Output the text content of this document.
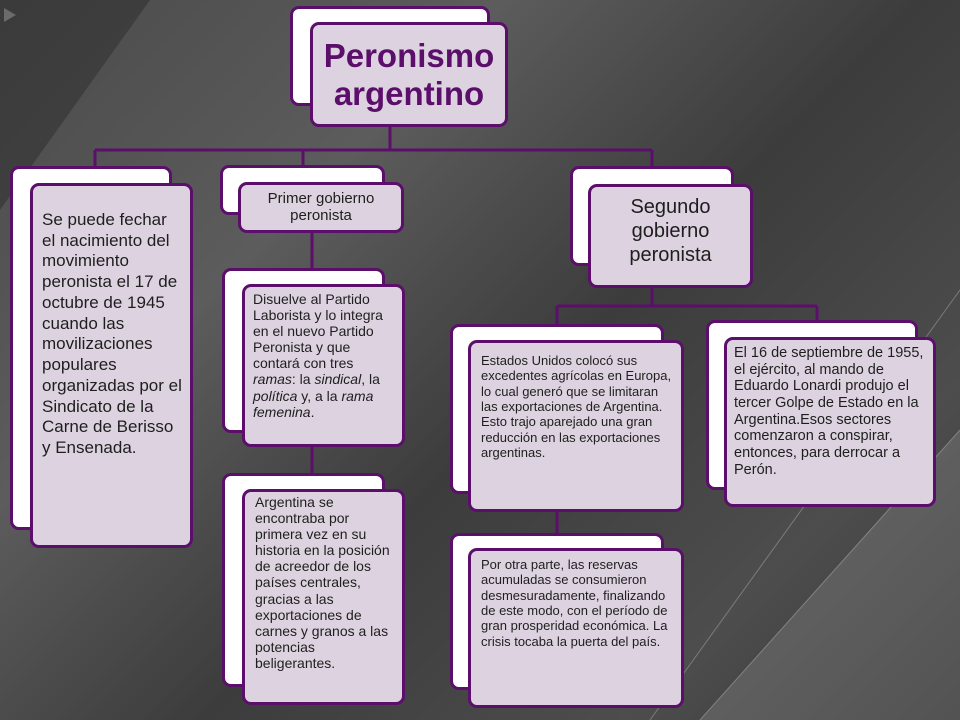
Peronismo argentino
Se puede fechar el nacimiento del movimiento peronista el 17 de octubre de 1945 cuando las movilizaciones populares organizadas por el Sindicato de la Carne de Berisso y Ensenada.
Primer gobierno peronista
Disuelve al Partido Laborista y lo integra en el nuevo Partido Peronista y que contará con tres ramas: la sindical, la política y, a la rama femenina.
Argentina se encontraba por primera vez en su historia en la posición de acreedor de los países centrales, gracias a las exportaciones de carnes y granos a las potencias beligerantes.
Segundo gobierno peronista
Estados Unidos colocó sus excedentes agrícolas en Europa, lo cual generó que se limitaran las exportaciones de Argentina. Esto trajo aparejado una gran reducción en las exportaciones argentinas.
Por otra parte, las reservas acumuladas se consumieron desmesuradamente, finalizando de este modo, con el período de gran prosperidad económica. La crisis tocaba la puerta del país.
El 16 de septiembre de 1955, el ejército, al mando de Eduardo Lonardi produjo el tercer Golpe de Estado en la Argentina.Esos sectores comenzaron a conspirar, entonces, para derrocar a Perón.
